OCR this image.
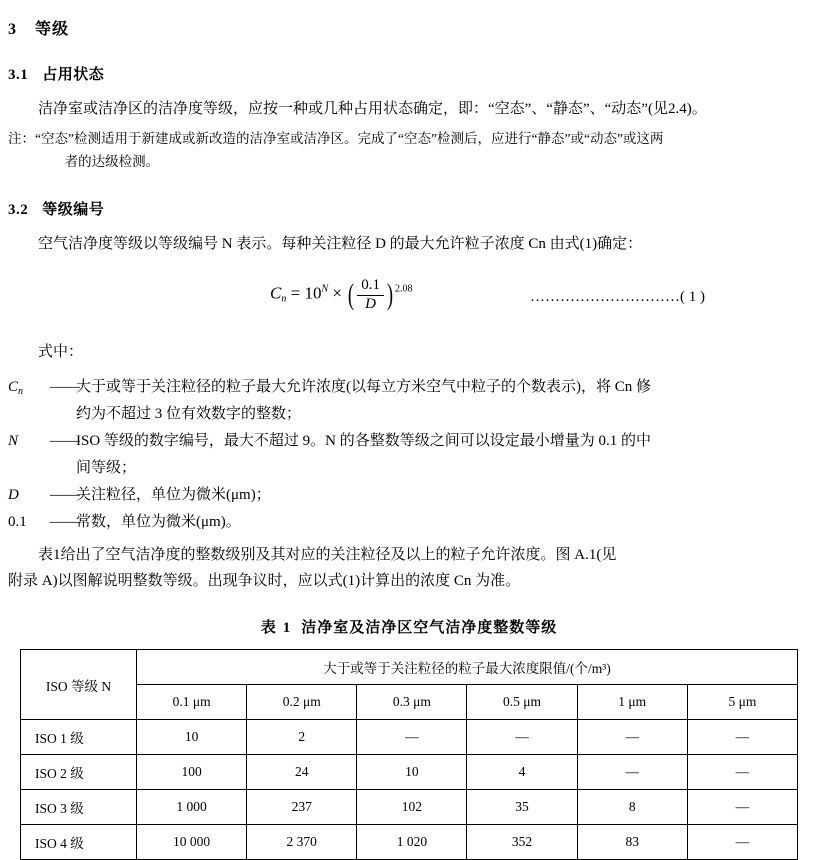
3 等级
3.1 占用状态
洁净室或洁净区的洁净度等级，应按一种或几种占用状态确定，即：“空态”、“静态”、“动态”(见2.4)。
注：“空态”检测适用于新建成或新改造的洁净室或洁净区。完成了“空态”检测后，应进行“静态”或“动态”或这两
者的达级检测。
3.2 等级编号
空气洁净度等级以等级编号 N 表示。每种关注粒径 D 的最大允许粒子浓度 Cn 由式(1)确定：
$C_n = 10^N$ × ( $\frac{0.1}{D}$ ) $^{2.08}$	…………………………( 1 )
式中：
$C_n$	——
大于或等于关注粒径的粒子最大允许浓度(以每立方米空气中粒子的个数表示)，将 Cn 修
约为不超过 3 位有效数字的整数；
N	——
ISO 等级的数字编号，最大不超过 9。N 的各整数等级之间可以设定最小增量为 0.1 的中
间等级；
D	——
关注粒径，单位为微米(μm)；
0.1	——
常数，单位为微米(μm)。
表1给出了空气洁净度的整数级别及其对应的关注粒径及以上的粒子允许浓度。图 A.1(见
附录 A)以图解说明整数等级。出现争议时，应以式(1)计算出的浓度 Cn 为准。
表 1 洁净室及洁净区空气洁净度整数等级
ISO 等级 N	大于或等于关注粒径的粒子最大浓度限值/(个/m³)					
	0.1 μm	0.2 μm	0.3 μm	0.5 μm	1 μm	5 μm
ISO 1 级	10	2	—	—	—	—
ISO 2 级	100	24	10	4	—	—
ISO 3 级	1 000	237	102	35	8	—
ISO 4 级	10 000	2 370	1 020	352	83	—
